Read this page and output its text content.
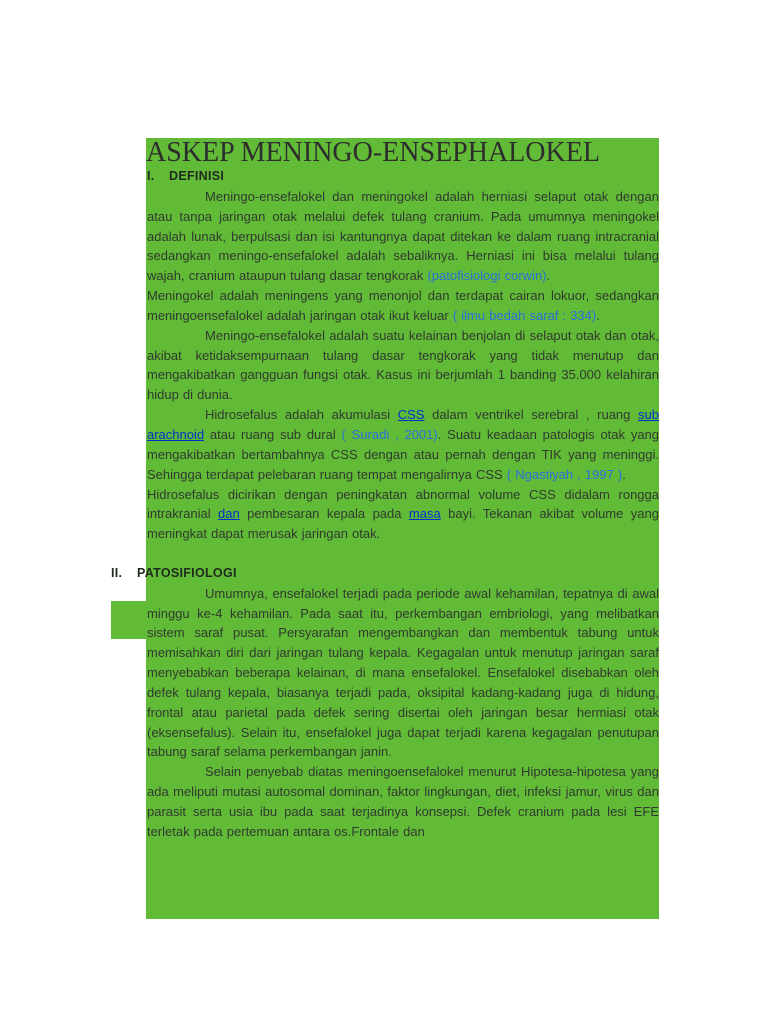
ASKEP MENINGO-ENSEPHALOKEL
I. DEFINISI

Meningo-ensefalokel dan meningokel adalah herniasi selaput otak dengan atau tanpa jaringan otak melalui defek tulang cranium. Pada umumnya meningokel adalah lunak, berpulsasi dan isi kantungnya dapat ditekan ke dalam ruang intracranial sedangkan meningo-ensefalokel adalah sebaliknya. Herniasi ini bisa melalui tulang wajah, cranium ataupun tulang dasar tengkorak (patofisiologi corwin).

Meningokel adalah meningens yang menonjol dan terdapat cairan lokuor, sedangkan meningoensefalokel adalah jaringan otak ikut keluar ( ilmu bedah saraf : 334).

Meningo-ensefalokel adalah suatu kelainan benjolan di selaput otak dan otak, akibat ketidaksempurnaan tulang dasar tengkorak yang tidak menutup dan mengakibatkan gangguan fungsi otak. Kasus ini berjumlah 1 banding 35.000 kelahiran hidup di dunia.

Hidrosefalus adalah akumulasi CSS dalam ventrikel serebral , ruang sub arachnoid atau ruang sub dural ( Suradi , 2001). Suatu keadaan patologis otak yang mengakibatkan bertambahnya CSS dengan atau pernah dengan TIK yang meninggi. Sehingga terdapat pelebaran ruang tempat mengalirnya CSS ( Ngastiyah , 1997 ).

Hidrosefalus dicirikan dengan peningkatan abnormal volume CSS didalam rongga intrakranial dan pembesaran kepala pada masa bayi. Tekanan akibat volume yang meningkat dapat merusak jaringan otak.

II. PATOSIFIOLOGI

Umumnya, ensefalokel terjadi pada periode awal kehamilan, tepatnya di awal minggu ke-4 kehamilan. Pada saat itu, perkembangan embriologi, yang melibatkan sistem saraf pusat. Persyarafan mengembangkan dan membentuk tabung untuk memisahkan diri dari jaringan tulang kepala. Kegagalan untuk menutup jaringan saraf menyebabkan beberapa kelainan, di mana ensefalokel. Ensefalokel disebabkan oleh defek tulang kepala, biasanya terjadi pada, oksipital kadang-kadang juga di hidung, frontal atau parietal pada defek sering disertai oleh jaringan besar hermiasi otak (eksensefalus). Selain itu, ensefalokel juga dapat terjadi karena kegagalan penutupan tabung saraf selama perkembangan janin.

Selain penyebab diatas meningoensefalokel menurut Hipotesa-hipotesa yang ada meliputi mutasi autosomal dominan, faktor lingkungan, diet, infeksi jamur, virus dan parasit serta usia ibu pada saat terjadinya konsepsi. Defek cranium pada lesi EFE terletak pada pertemuan antara os.Frontale dan
